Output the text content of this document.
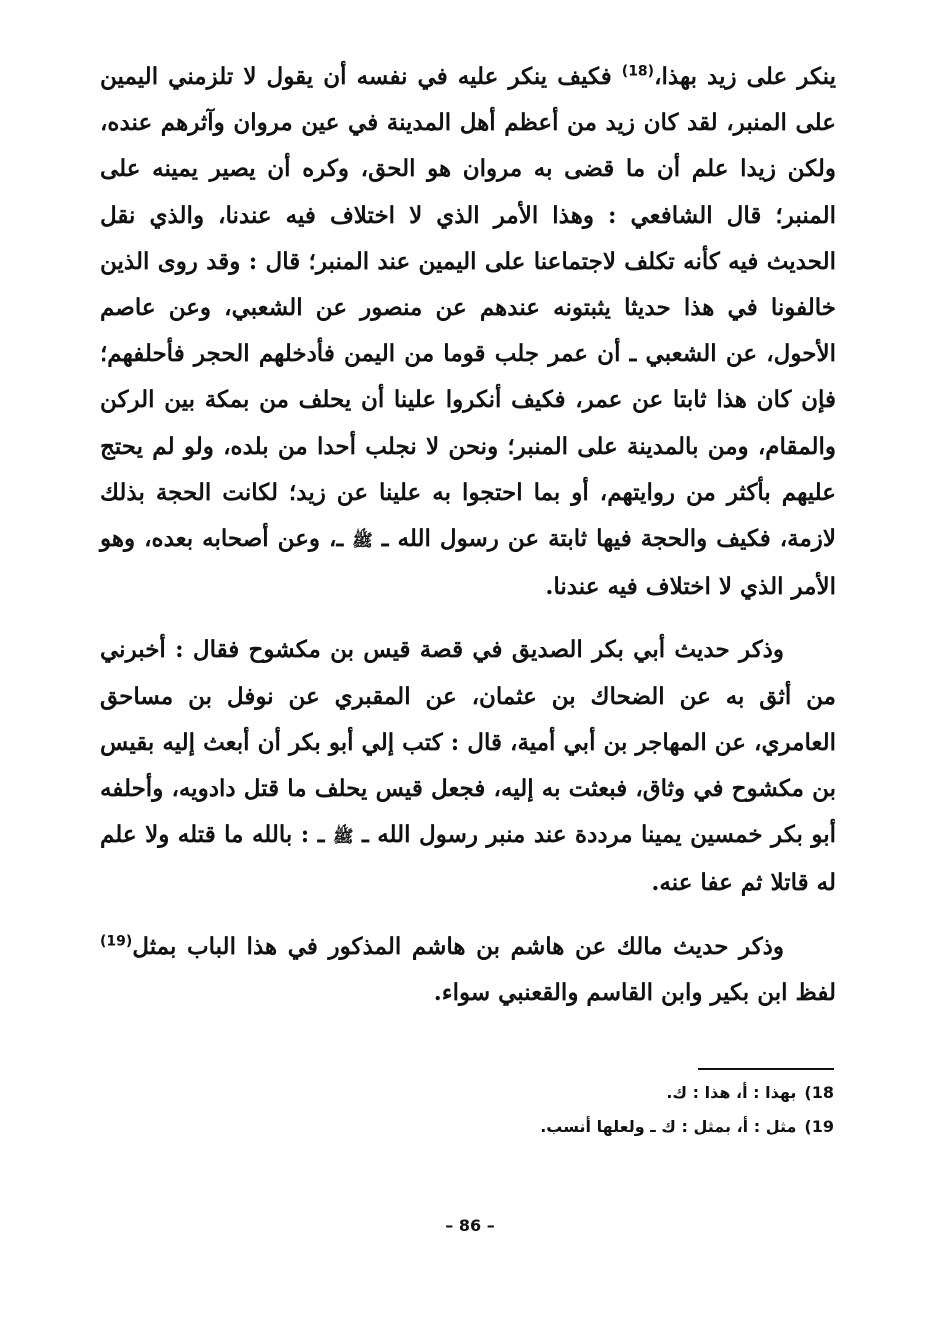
ينكر على زيد بهذا،$^{(18)}$ فكيف ينكر عليه في نفسه أن يقول لا تلزمني اليمين على المنبر، لقد كان زيد من أعظم أهل المدينة في عين مروان وآثرهم عنده، ولكن زيدا علم أن ما قضى به مروان هو الحق، وكره أن يصير يمينه على المنبر؛ قال الشافعي : وهذا الأمر الذي لا اختلاف فيه عندنا، والذي نقل الحديث فيه كأنه تكلف لاجتماعنا على اليمين عند المنبر؛ قال : وقد روى الذين خالفونا في هذا حديثا يثبتونه عندهم عن منصور عن الشعبي، وعن عاصم الأحول، عن الشعبي ـ أن عمر جلب قوما من اليمن فأدخلهم الحجر فأحلفهم؛ فإن كان هذا ثابتا عن عمر، فكيف أنكروا علينا أن يحلف من بمكة بين الركن والمقام، ومن بالمدينة على المنبر؛ ونحن لا نجلب أحدا من بلده، ولو لم يحتج عليهم بأكثر من روايتهم، أو بما احتجوا به علينا عن زيد؛ لكانت الحجة بذلك لازمة، فكيف والحجة فيها ثابتة عن رسول الله ـ ﷺ ـ، وعن أصحابه بعده، وهو الأمر الذي لا اختلاف فيه عندنا.

وذكر حديث أبي بكر الصديق في قصة قيس بن مكشوح فقال : أخبرني من أثق به عن الضحاك بن عثمان، عن المقبري عن نوفل بن مساحق العامري، عن المهاجر بن أبي أمية، قال : كتب إلي أبو بكر أن أبعث إليه بقيس بن مكشوح في وثاق، فبعثت به إليه، فجعل قيس يحلف ما قتل دادويه، وأحلفه أبو بكر خمسين يمينا مرددة عند منبر رسول الله ـ ﷺ ـ : بالله ما قتله ولا علم له قاتلا ثم عفا عنه.

وذكر حديث مالك عن هاشم بن هاشم المذكور في هذا الباب بمثل$^{(19)}$ لفظ ابن بكير وابن القاسم والقعنبي سواء.

18)بهذا : أ، هذا : ك.

19)مثل : أ، بمثل : ك ـ ولعلها أنسب.

– 86 –
